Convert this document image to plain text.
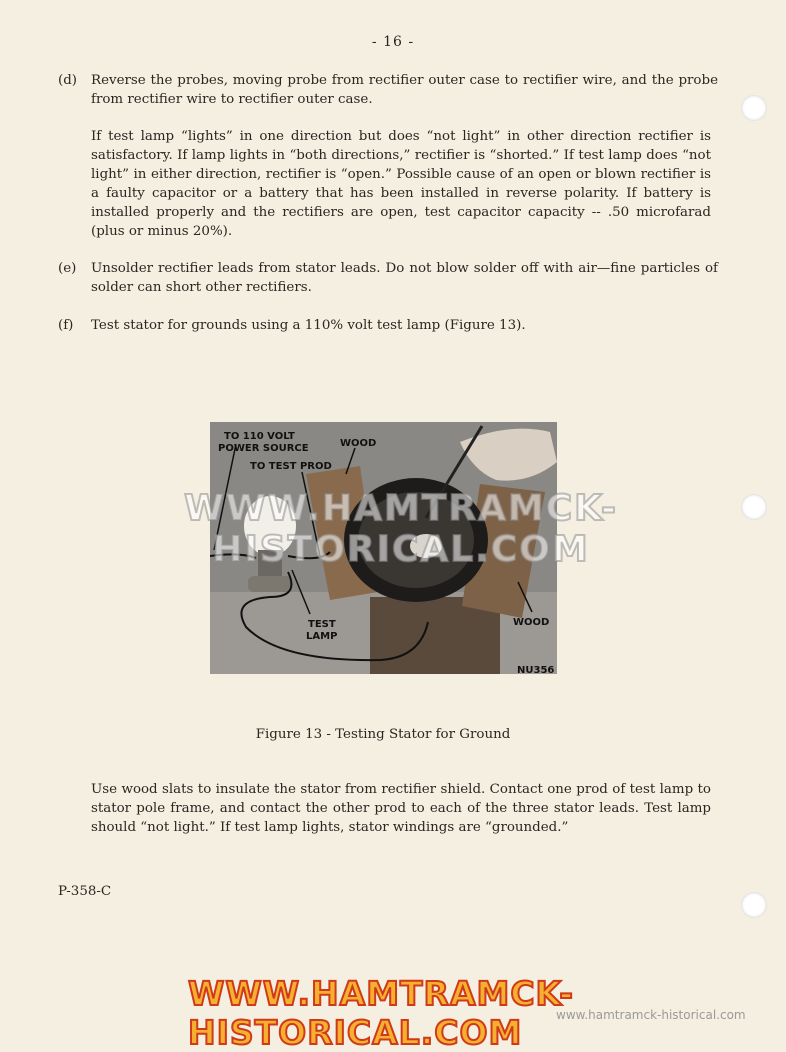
- 16 -
(d) Reverse the probes, moving probe from rectifier outer case to rectifier wire, and the probe from rectifier wire to rectifier outer case.
If test lamp “lights” in one direction but does “not light” in other direction rectifier is satisfactory. If lamp lights in “both directions,” rectifier is “shorted.” If test lamp does “not light” in either direction, rectifier is “open.” Possible cause of an open or blown rectifier is a faulty capacitor or a battery that has been installed in reverse polarity. If battery is installed properly and the rectifiers are open, test capacitor capacity -- .50 microfarad (plus or minus 20%).
(e) Unsolder rectifier leads from stator leads. Do not blow solder off with air—fine particles of solder can short other rectifiers.
(f) Test stator for grounds using a 110% volt test lamp (Figure 13).
TO 110 VOLT
POWER SOURCE	WOOD
TO TEST PROD
TEST
LAMP
WOOD
NU356
Figure 13 - Testing Stator for Ground
Use wood slats to insulate the stator from rectifier shield. Contact one prod of test lamp to stator pole frame, and contact the other prod to each of the three stator leads. Test lamp should “not light.” If test lamp lights, stator windings are “grounded.”
P-358-C
WWW.HAMTRAMCK-HISTORICAL.COM
WWW.HAMTRAMCK-HISTORICAL.COM	www.hamtramck-historical.com
